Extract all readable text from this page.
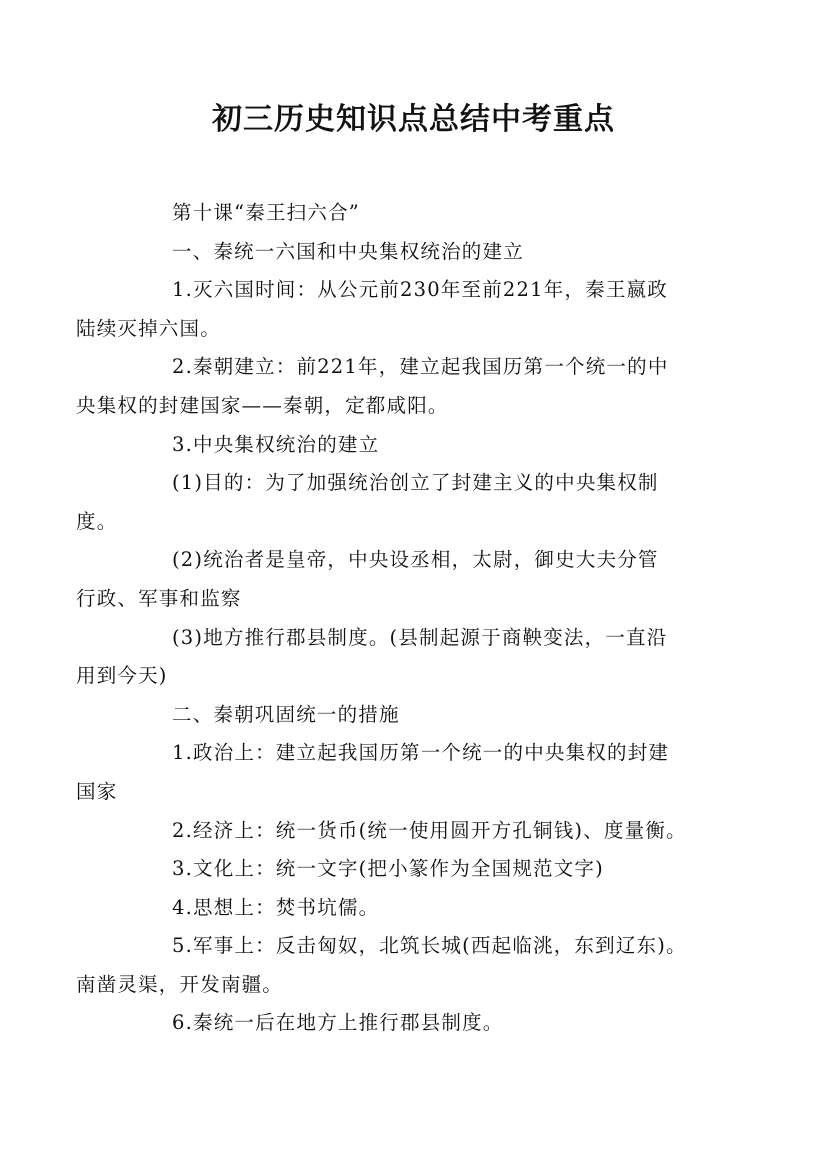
初三历史知识点总结中考重点
第十课“秦王扫六合”
一、秦统一六国和中央集权统治的建立
1.灭六国时间：从公元前230年至前221年，秦王嬴政
陆续灭掉六国。
2.秦朝建立：前221年，建立起我国历第一个统一的中
央集权的封建国家——秦朝，定都咸阳。
3.中央集权统治的建立
(1)目的：为了加强统治创立了封建主义的中央集权制
度。
(2)统治者是皇帝，中央设丞相，太尉，御史大夫分管
行政、军事和监察
(3)地方推行郡县制度。(县制起源于商鞅变法，一直沿
用到今天)
二、秦朝巩固统一的措施
1.政治上：建立起我国历第一个统一的中央集权的封建
国家
2.经济上：统一货币(统一使用圆开方孔铜钱)、度量衡。
3.文化上：统一文字(把小篆作为全国规范文字)
4.思想上：焚书坑儒。
5.军事上：反击匈奴，北筑长城(西起临洮，东到辽东)。
南凿灵渠，开发南疆。
6.秦统一后在地方上推行郡县制度。
